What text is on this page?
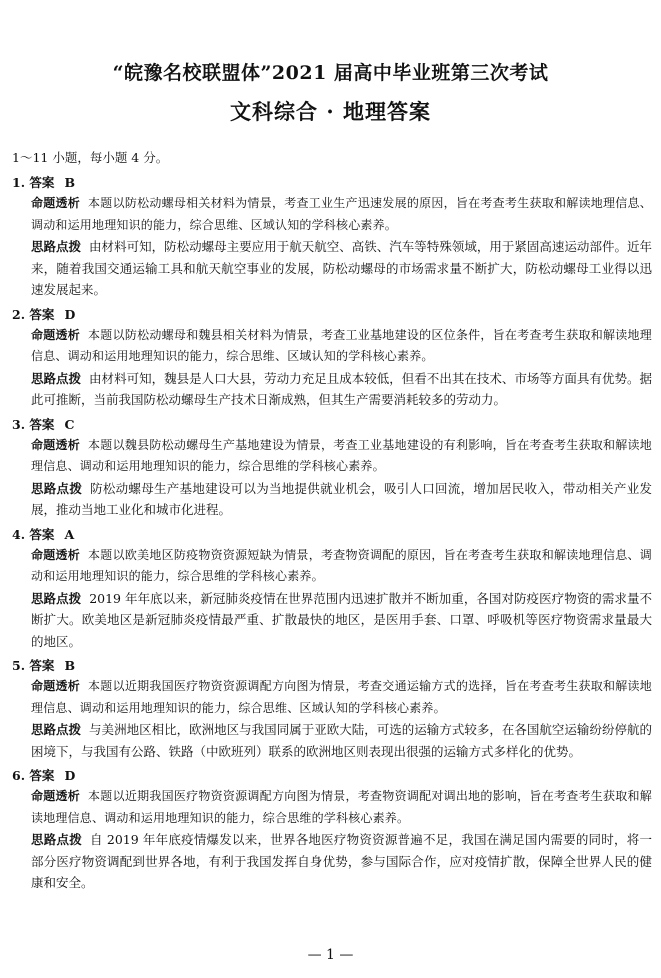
“皖豫名校联盟体”2021 届高中毕业班第三次考试
文科综合 · 地理答案
1～11 小题，每小题 4 分。
1. 答案 B
命题透析 本题以防松动螺母相关材料为情景，考查工业生产迅速发展的原因，旨在考查考生获取和解读地理信息、调动和运用地理知识的能力，综合思维、区域认知的学科核心素养。
思路点拨 由材料可知，防松动螺母主要应用于航天航空、高铁、汽车等特殊领域，用于紧固高速运动部件。近年来，随着我国交通运输工具和航天航空事业的发展，防松动螺母的市场需求量不断扩大，防松动螺母工业得以迅速发展起来。
2. 答案 D
命题透析 本题以防松动螺母和魏县相关材料为情景，考查工业基地建设的区位条件，旨在考查考生获取和解读地理信息、调动和运用地理知识的能力，综合思维、区域认知的学科核心素养。
思路点拨 由材料可知，魏县是人口大县，劳动力充足且成本较低，但看不出其在技术、市场等方面具有优势。据此可推断，当前我国防松动螺母生产技术日渐成熟，但其生产需要消耗较多的劳动力。
3. 答案 C
命题透析 本题以魏县防松动螺母生产基地建设为情景，考查工业基地建设的有利影响，旨在考查考生获取和解读地理信息、调动和运用地理知识的能力，综合思维的学科核心素养。
思路点拨 防松动螺母生产基地建设可以为当地提供就业机会，吸引人口回流，增加居民收入，带动相关产业发展，推动当地工业化和城市化进程。
4. 答案 A
命题透析 本题以欧美地区防疫物资资源短缺为情景，考查物资调配的原因，旨在考查考生获取和解读地理信息、调动和运用地理知识的能力，综合思维的学科核心素养。
思路点拨 2019 年年底以来，新冠肺炎疫情在世界范围内迅速扩散并不断加重，各国对防疫医疗物资的需求量不断扩大。欧美地区是新冠肺炎疫情最严重、扩散最快的地区，是医用手套、口罩、呼吸机等医疗物资需求量最大的地区。
5. 答案 B
命题透析 本题以近期我国医疗物资资源调配方向图为情景，考查交通运输方式的选择，旨在考查考生获取和解读地理信息、调动和运用地理知识的能力，综合思维、区域认知的学科核心素养。
思路点拨 与美洲地区相比，欧洲地区与我国同属于亚欧大陆，可选的运输方式较多，在各国航空运输纷纷停航的困境下，与我国有公路、铁路（中欧班列）联系的欧洲地区则表现出很强的运输方式多样化的优势。
6. 答案 D
命题透析 本题以近期我国医疗物资资源调配方向图为情景，考查物资调配对调出地的影响，旨在考查考生获取和解读地理信息、调动和运用地理知识的能力，综合思维的学科核心素养。
思路点拨 自 2019 年年底疫情爆发以来，世界各地医疗物资资源普遍不足，我国在满足国内需要的同时，将一部分医疗物资调配到世界各地，有利于我国发挥自身优势，参与国际合作，应对疫情扩散，保障全世界人民的健康和安全。
— 1 —
